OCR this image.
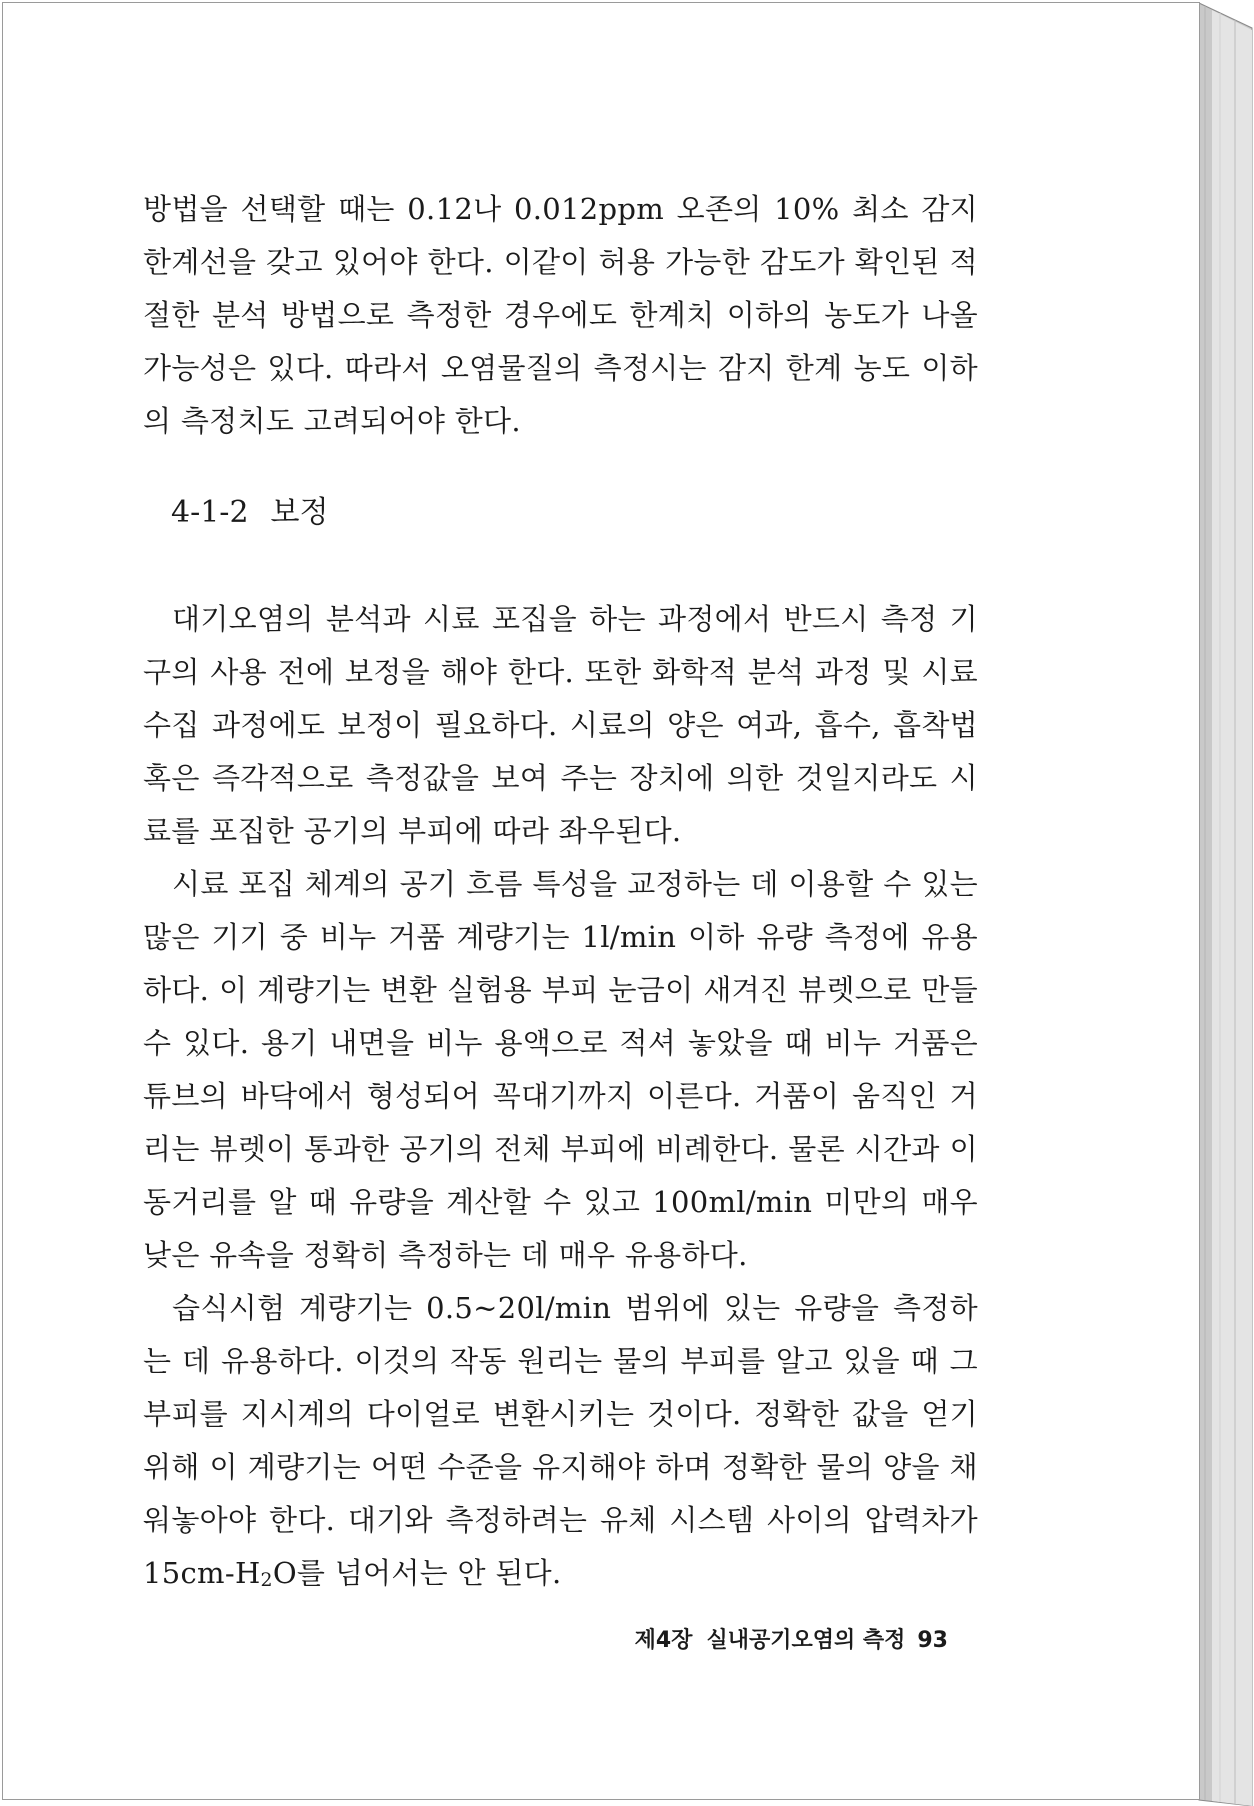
방법을 선택할 때는 0.12나 0.012ppm 오존의 10% 최소 감지 한계선을 갖고 있어야 한다. 이같이 허용 가능한 감도가 확인된 적절한 분석 방법으로 측정한 경우에도 한계치 이하의 농도가 나올 가능성은 있다. 따라서 오염물질의 측정시는 감지 한계 농도 이하의 측정치도 고려되어야 한다.

4-1-2 보정

대기오염의 분석과 시료 포집을 하는 과정에서 반드시 측정 기구의 사용 전에 보정을 해야 한다. 또한 화학적 분석 과정 및 시료 수집 과정에도 보정이 필요하다. 시료의 양은 여과, 흡수, 흡착법 혹은 즉각적으로 측정값을 보여 주는 장치에 의한 것일지라도 시료를 포집한 공기의 부피에 따라 좌우된다.

시료 포집 체계의 공기 흐름 특성을 교정하는 데 이용할 수 있는 많은 기기 중 비누 거품 계량기는 1l/min 이하 유량 측정에 유용하다. 이 계량기는 변환 실험용 부피 눈금이 새겨진 뷰렛으로 만들 수 있다. 용기 내면을 비누 용액으로 적셔 놓았을 때 비누 거품은 튜브의 바닥에서 형성되어 꼭대기까지 이른다. 거품이 움직인 거리는 뷰렛이 통과한 공기의 전체 부피에 비례한다. 물론 시간과 이동거리를 알 때 유량을 계산할 수 있고 100ml/min 미만의 매우 낮은 유속을 정확히 측정하는 데 매우 유용하다.

습식시험 계량기는 0.5~20l/min 범위에 있는 유량을 측정하는 데 유용하다. 이것의 작동 원리는 물의 부피를 알고 있을 때 그 부피를 지시계의 다이얼로 변환시키는 것이다. 정확한 값을 얻기 위해 이 계량기는 어떤 수준을 유지해야 하며 정확한 물의 양을 채워놓아야 한다. 대기와 측정하려는 유체 시스템 사이의 압력차가 $15cm-H_2O$를 넘어서는 안 된다.

제4장 실내공기오염의 측정 93
